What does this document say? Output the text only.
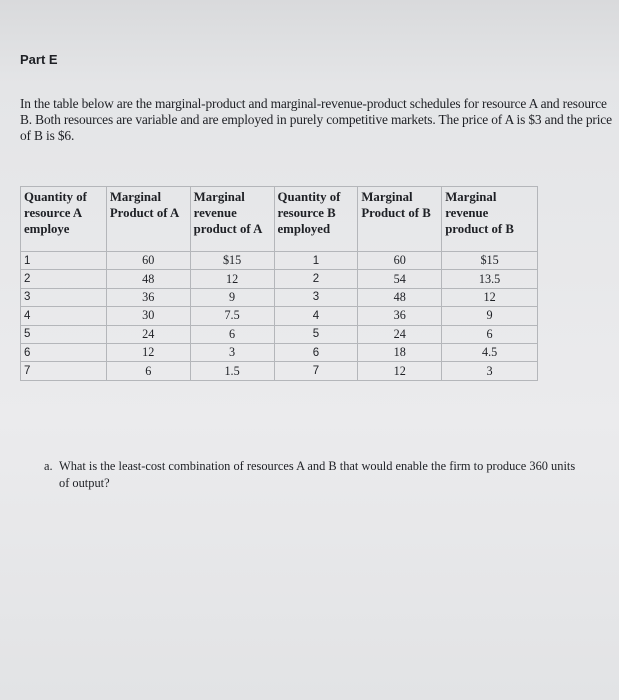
Part E

In the table below are the marginal-product and marginal-revenue-product schedules for resource A and resource B. Both resources are variable and are employed in purely competitive markets. The price of A is $3 and the price of B is $6.

Quantity of resource A employe	Marginal Product of A	Marginal revenue product of A	Quantity of resource B employed	Marginal Product of B	Marginal revenue product of B
1	60	$15	1	60	$15
2	48	12	2	54	13.5
3	36	9	3	48	12
4	30	7.5	4	36	9
5	24	6	5	24	6
6	12	3	6	18	4.5
7	6	1.5	7	12	3
a. What is the least-cost combination of resources A and B that would enable the firm to produce 360 units of output?
